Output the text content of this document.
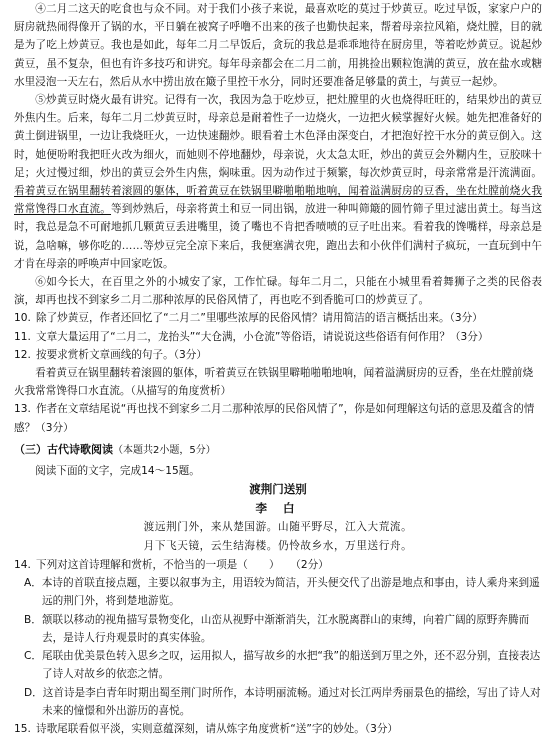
④二月二这天的吃食也与众不同。对于我们小孩子来说，最喜欢吃的莫过于炒黄豆。吃过早饭，家家户户的厨房就热闹得像开了锅的水，平日躺在被窝子呼噜不出来的孩子也勤快起来，帮着母亲拉风箱，烧灶膛，目的就是为了吃上炒黄豆。我也是如此，每年二月二早饭后，贪玩的我总是乖乖地待在厨房里，等着吃炒黄豆。说起炒黄豆，虽不复杂，但也有许多技巧和讲究。每年母亲都会在二月二前，用挑捡出颗粒饱满的黄豆，放在盐水或糖水里浸泡一天左右，然后从水中捞出放在簸子里控干水分，同时还要准备足够量的黄土，与黄豆一起炒。

⑤炒黄豆时烧火最有讲究。记得有一次，我因为急于吃炒豆，把灶膛里的火也烧得旺旺的，结果炒出的黄豆外焦内生。后来，每年二月二炒黄豆时，母亲总是耐着性子一边烧火，一边把火候掌握好火候。她先把准备好的黄土倒进锅里，一边让我烧旺火，一边快速翻炒。眼看着土木色泽由深变白，才把泡好控干水分的黄豆倒入。这时，她便吩咐我把旺火改为细火，而她则不停地翻炒，母亲说，火太急太旺，炒出的黄豆会外糊内生，豆胶咪十足；火过慢过细，炒出的黄豆会外生内焦，焖味重。因为动作过于频繁，每次炒黄豆时，母亲常常是汗流满面。看着黄豆在锅里翻转着滚圆的躯体，听着黄豆在铁锅里噼啪啪啪地响，闻着溢满厨房的豆香，坐在灶膛前烧火我常常馋得口水直流。等到炒熟后，母亲将黄土和豆一同出锅，放进一种叫筛簸的圆竹筛子里过滤出黄土。每当这时，我总是急不可耐地抓几颗黄豆丢进嘴里，烫了嘴也不肯把香喷喷的豆子吐出来。看着我的馋嘴样，母亲总是说，急啥嘛，够你吃的……等炒豆完全凉下来后，我便塞满衣兜，跑出去和小伙伴们满村子疯玩，一直玩到中午才肯在母亲的呼唤声中回家吃饭。

⑥如今长大，在百里之外的小城安了家，工作忙碌。每年二月二，只能在小城里看着舞狮子之类的民俗表演，却再也找不到家乡二月二那种浓厚的民俗风情了，再也吃不到香脆可口的炒黄豆了。

10. 除了炒黄豆，作者还回忆了“二月二”里哪些浓厚的民俗风情？请用简洁的语言概括出来。（3分）

11. 文章大量运用了“二月二，龙抬头”“大仓满，小仓流”等俗语，请说说这些俗语有何作用？（3分）

12. 按要求赏析文章画线的句子。（3分）

看着黄豆在锅里翻转着滚圆的躯体，听着黄豆在铁锅里噼啪啪啪地响，闻着溢满厨房的豆香，坐在灶膛前烧火我常常馋得口水直流。（从描写的角度赏析）

13. 作者在文章结尾说“再也找不到家乡二月二那种浓厚的民俗风情了”，你是如何理解这句话的意思及蕴含的情感？（3分）

（三）古代诗歌阅读（本题共2小题，5分）

阅读下面的文字，完成14～15题。

渡荆门送别

李 白

渡远荆门外，来从楚国游。山随平野尽，江入大荒流。

月下飞天镜，云生结海楼。仍怜故乡水，万里送行舟。

14. 下列对这首诗理解和赏析，不恰当的一项是（　　）　　（2分）

A．本诗的首联直接点题，主要以叙事为主，用语较为简洁，开头便交代了出游是地点和事由，诗人乘舟来到遥远的荆门外，将到楚地游览。

B．颔联以移动的视角描写景物变化，山峦从视野中渐渐消失，江水脱离群山的束缚，向着广阔的原野奔腾而去，是诗人行舟观景时的真实体验。

C．尾联由优美景色转入思乡之叹，运用拟人，描写故乡的水把“我”的船送到万里之外，还不忍分别，直接表达了诗人对故乡的依恋之情。

D．这首诗是李白青年时期出蜀至荆门时所作，本诗明丽流畅。通过对长江两岸秀丽景色的描绘，写出了诗人对未来的憧憬和外出游历的喜悦。

15. 诗歌尾联看似平淡，实则意蕴深刻，请从炼字角度赏析“送”字的妙处。（3分）
